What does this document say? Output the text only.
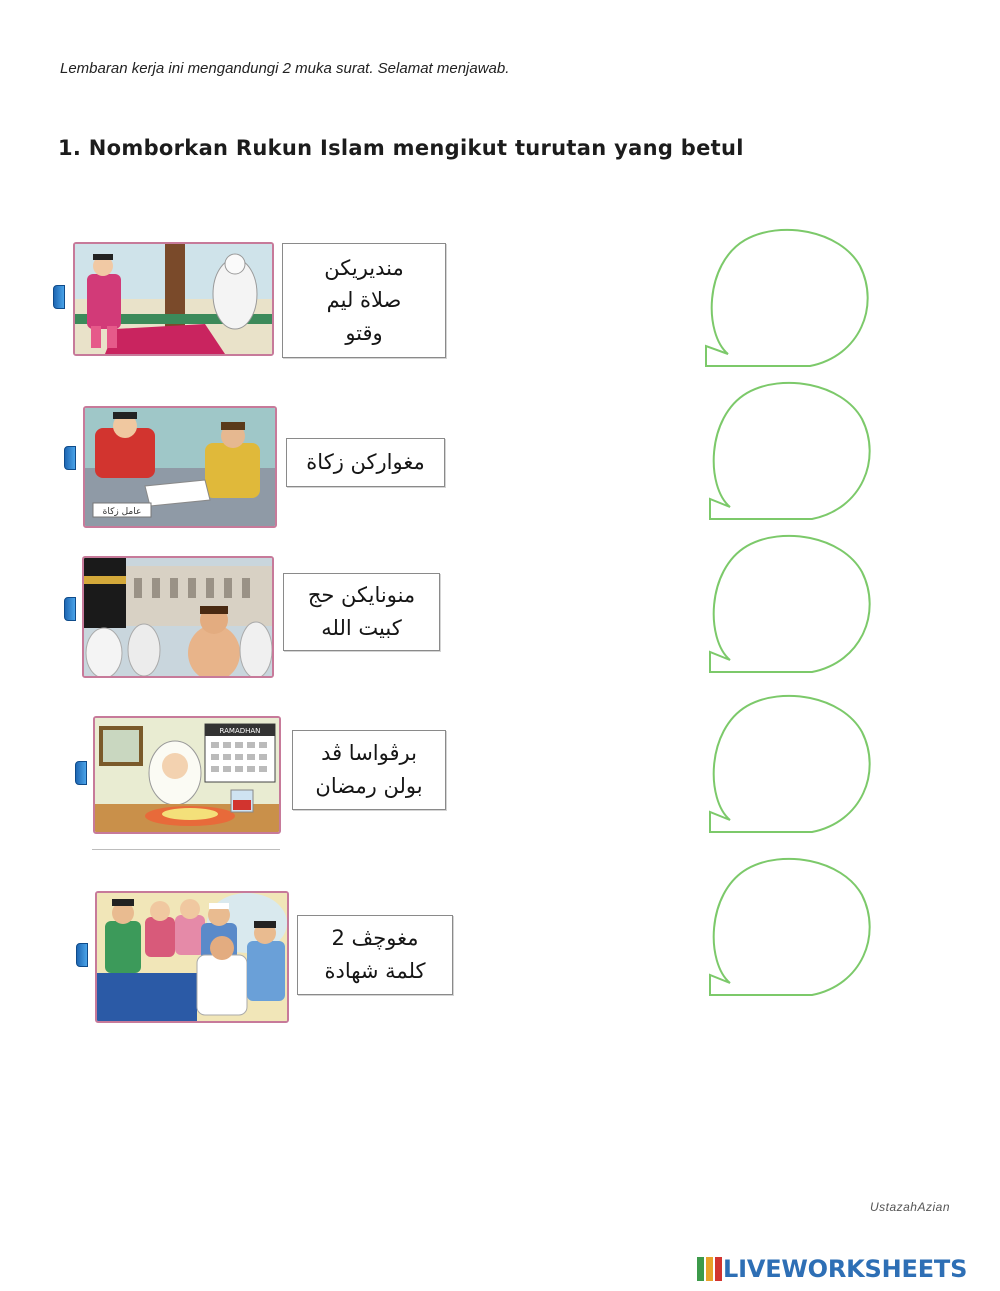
Lembaran kerja ini mengandungi 2 muka surat. Selamat menjawab.
1. Nomborkan Rukun Islam mengikut turutan yang betul
منديريكن
صلاة ليم
وقتو
عامل زكاة
مغوارکن زكاة
منونايكن حج
كبيت الله
RAMADHAN
برڤواسا ڤد
بولن رمضان
مغوچڤ 2
كلمة شهادة
UstazahAzian
LIVEWORKSHEETS
